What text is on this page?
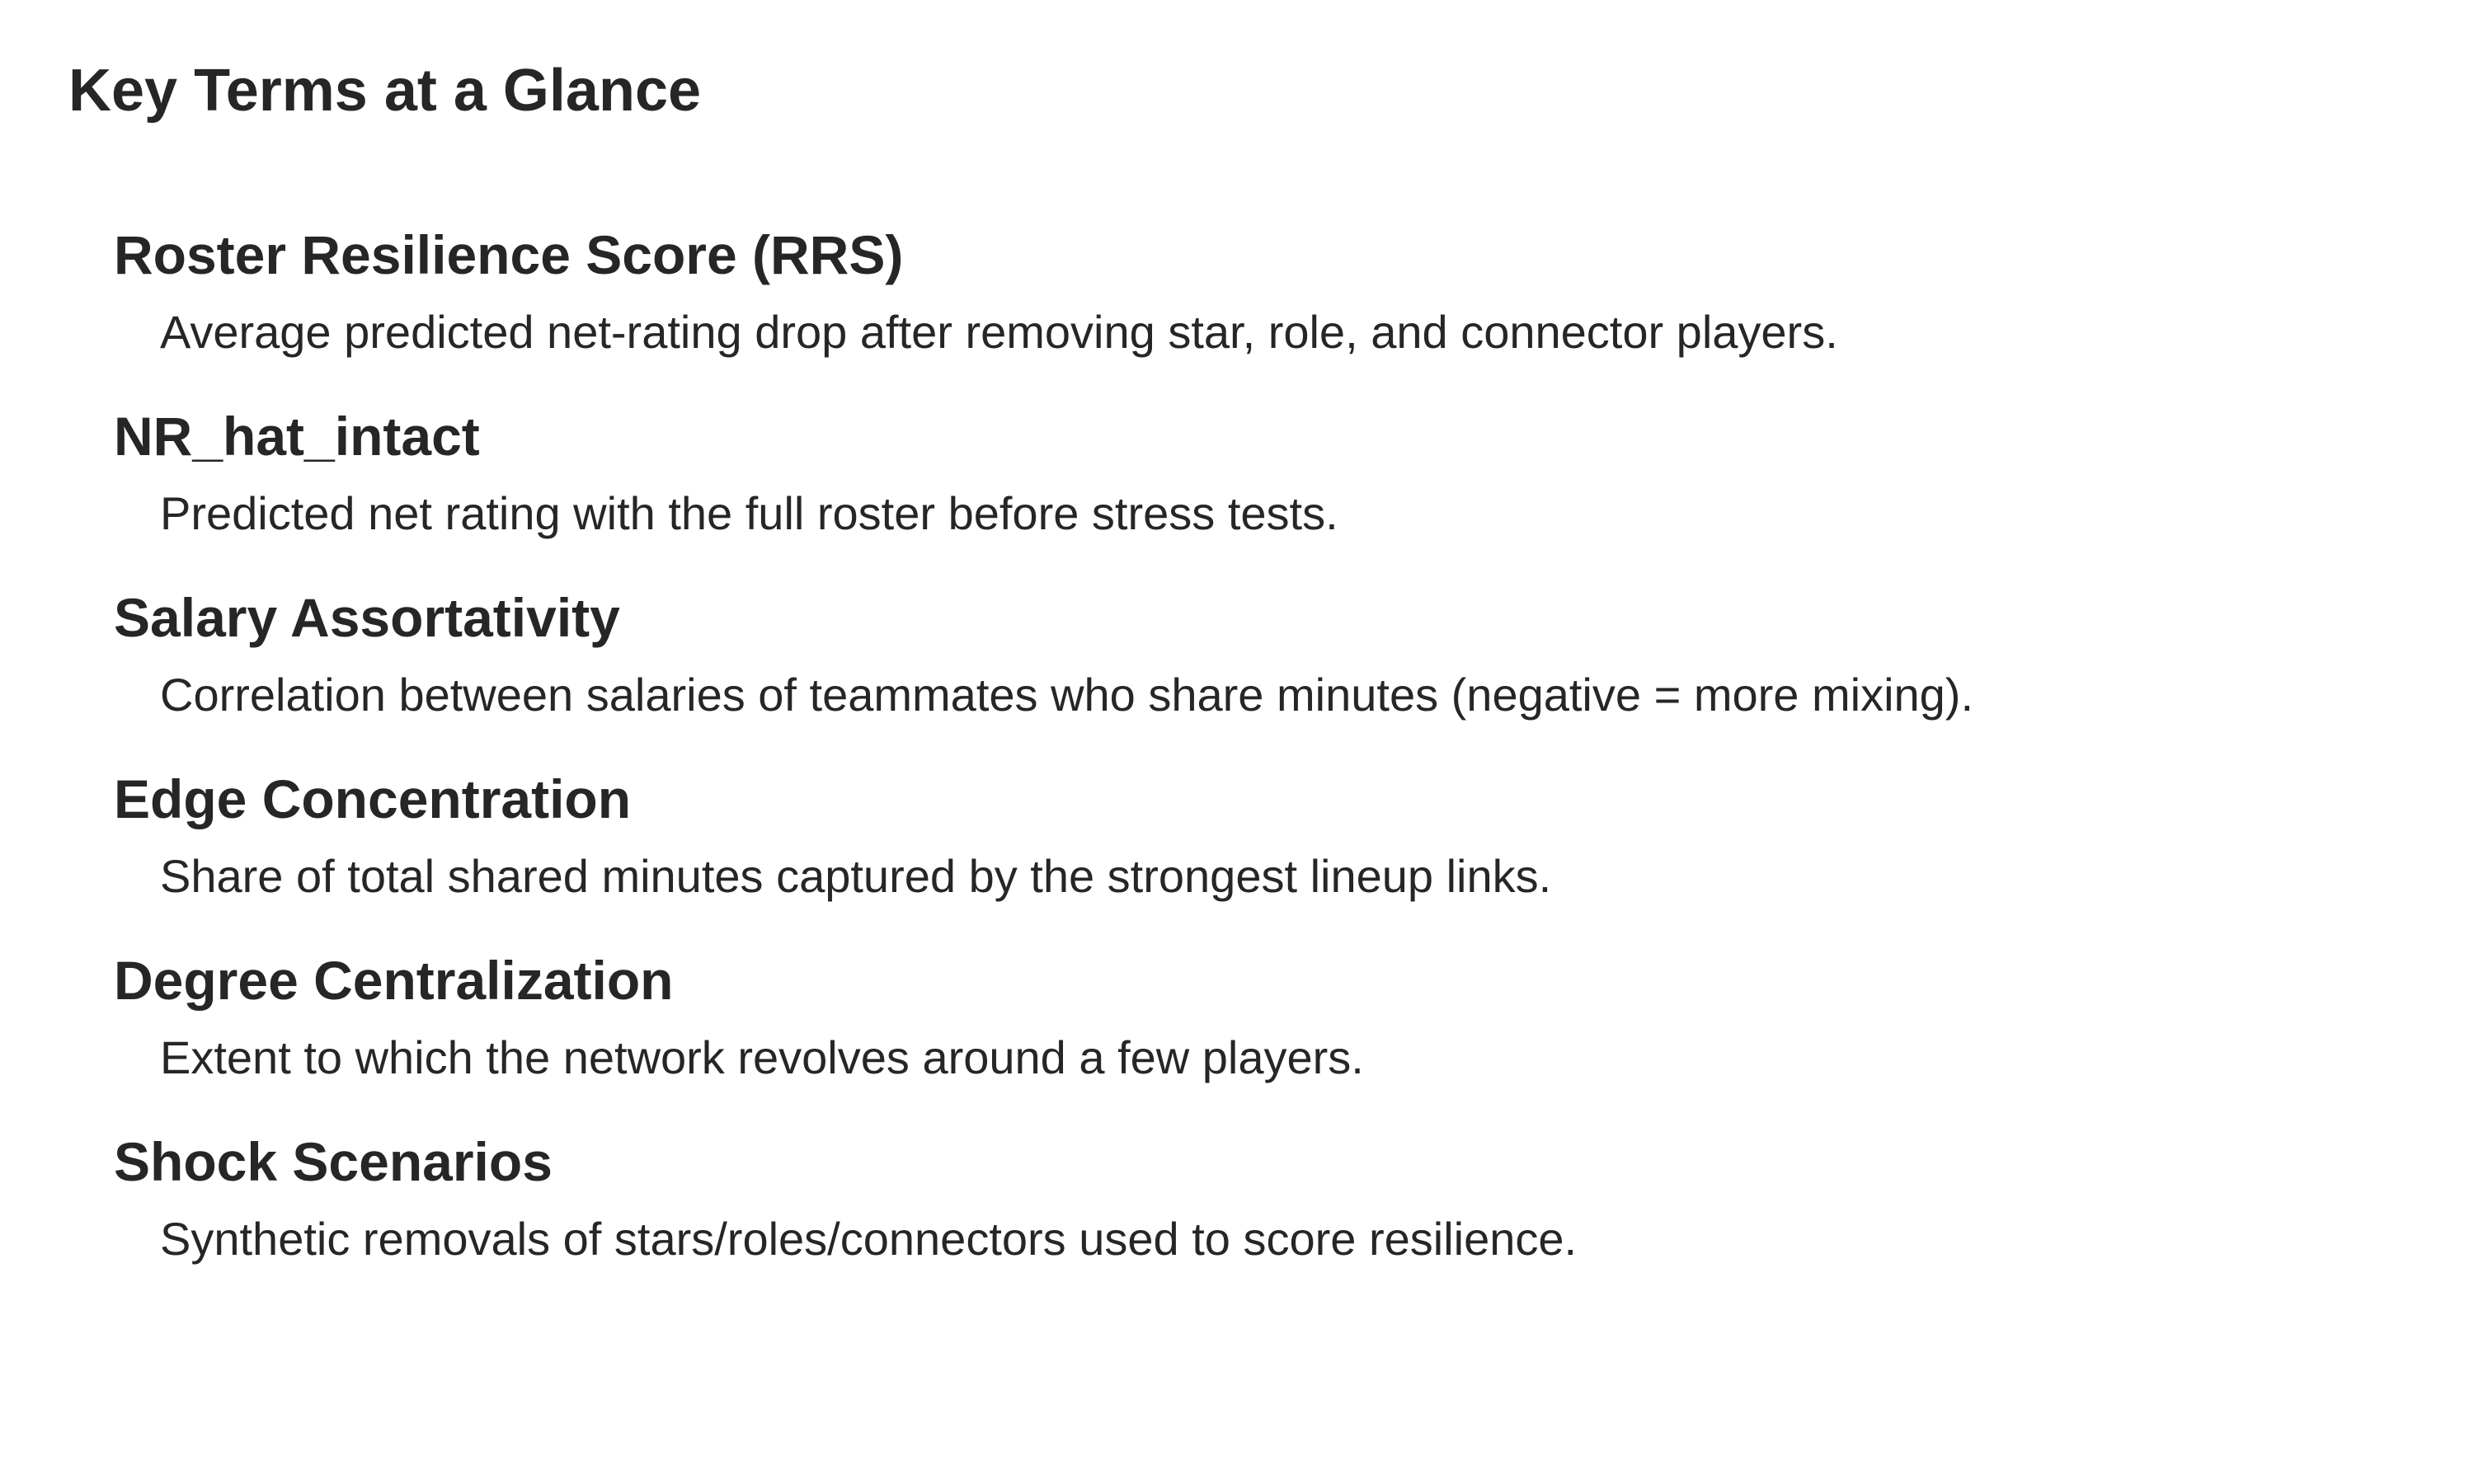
Key Terms at a Glance
Roster Resilience Score (RRS)
Average predicted net-rating drop after removing star, role, and connector players.
NR_hat_intact
Predicted net rating with the full roster before stress tests.
Salary Assortativity
Correlation between salaries of teammates who share minutes (negative = more mixing).
Edge Concentration
Share of total shared minutes captured by the strongest lineup links.
Degree Centralization
Extent to which the network revolves around a few players.
Shock Scenarios
Synthetic removals of stars/roles/connectors used to score resilience.
